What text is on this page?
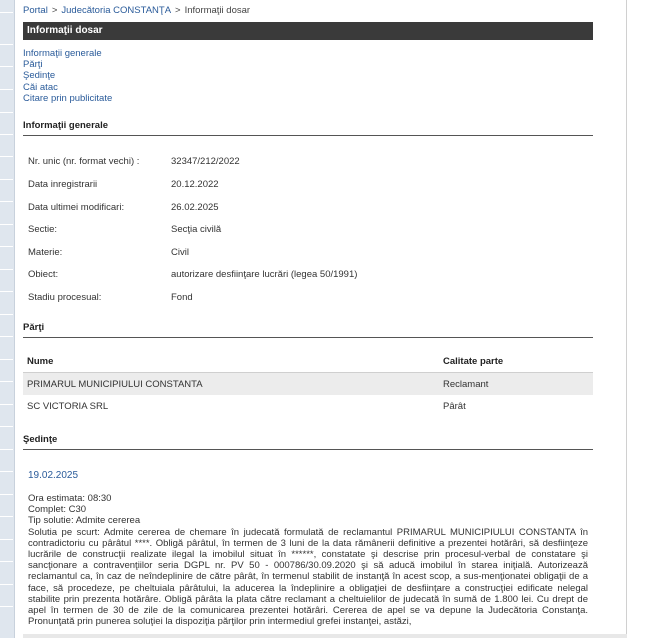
Portal > Judecătoria CONSTANŢA > Informaţii dosar
Informaţii dosar
Informaţii generale
Părţi
Şedinţe
Căi atac
Citare prin publicitate
Informaţii generale
Nr. unic (nr. format vechi) :	32347/212/2022
Data inregistrarii	20.12.2022
Data ultimei modificari:	26.02.2025
Sectie:	Secţia civilă
Materie:	Civil
Obiect:	autorizare desfiinţare lucrări (legea 50/1991)
Stadiu procesual:	Fond
Părţi
Nume	Calitate parte
PRIMARUL MUNICIPIULUI CONSTANTA	Reclamant
SC VICTORIA SRL	Pârât
Şedinţe
19.02.2025
Ora estimata: 08:30
Complet: C30
Tip solutie: Admite cererea
Solutia pe scurt: Admite cererea de chemare în judecată formulată de reclamantul PRIMARUL MUNICIPIULUI CONSTANTA în contradictoriu cu pârâtul ****. Obligă pârâtul, în termen de 3 luni de la data rămânerii definitive a prezentei hotărâri, să desfiinţeze lucrările de construcţii realizate ilegal la imobilul situat în ******, constatate şi descrise prin procesul-verbal de constatare şi sancţionare a contravenţiilor seria DGPL nr. PV 50 - 000786/30.09.2020 şi să aducă imobilul în starea iniţială. Autorizează reclamantul ca, în caz de neîndeplinire de către pârât, în termenul stabilit de instanţă în acest scop, a sus-menţionatei obligaţii de a face, să procedeze, pe cheltuiala pârâtului, la aducerea la îndeplinire a obligaţiei de desfiinţare a construcţiei edificate nelegal stabilite prin prezenta hotărâre. Obligă pârâta la plata către reclamant a cheltuielilor de judecată în sumă de 1.800 lei. Cu drept de apel în termen de 30 de zile de la comunicarea prezentei hotărâri. Cererea de apel se va depune la Judecătoria Constanţa. Pronunţată prin punerea soluţiei la dispoziţia părţilor prin intermediul grefei instanţei, astăzi,
